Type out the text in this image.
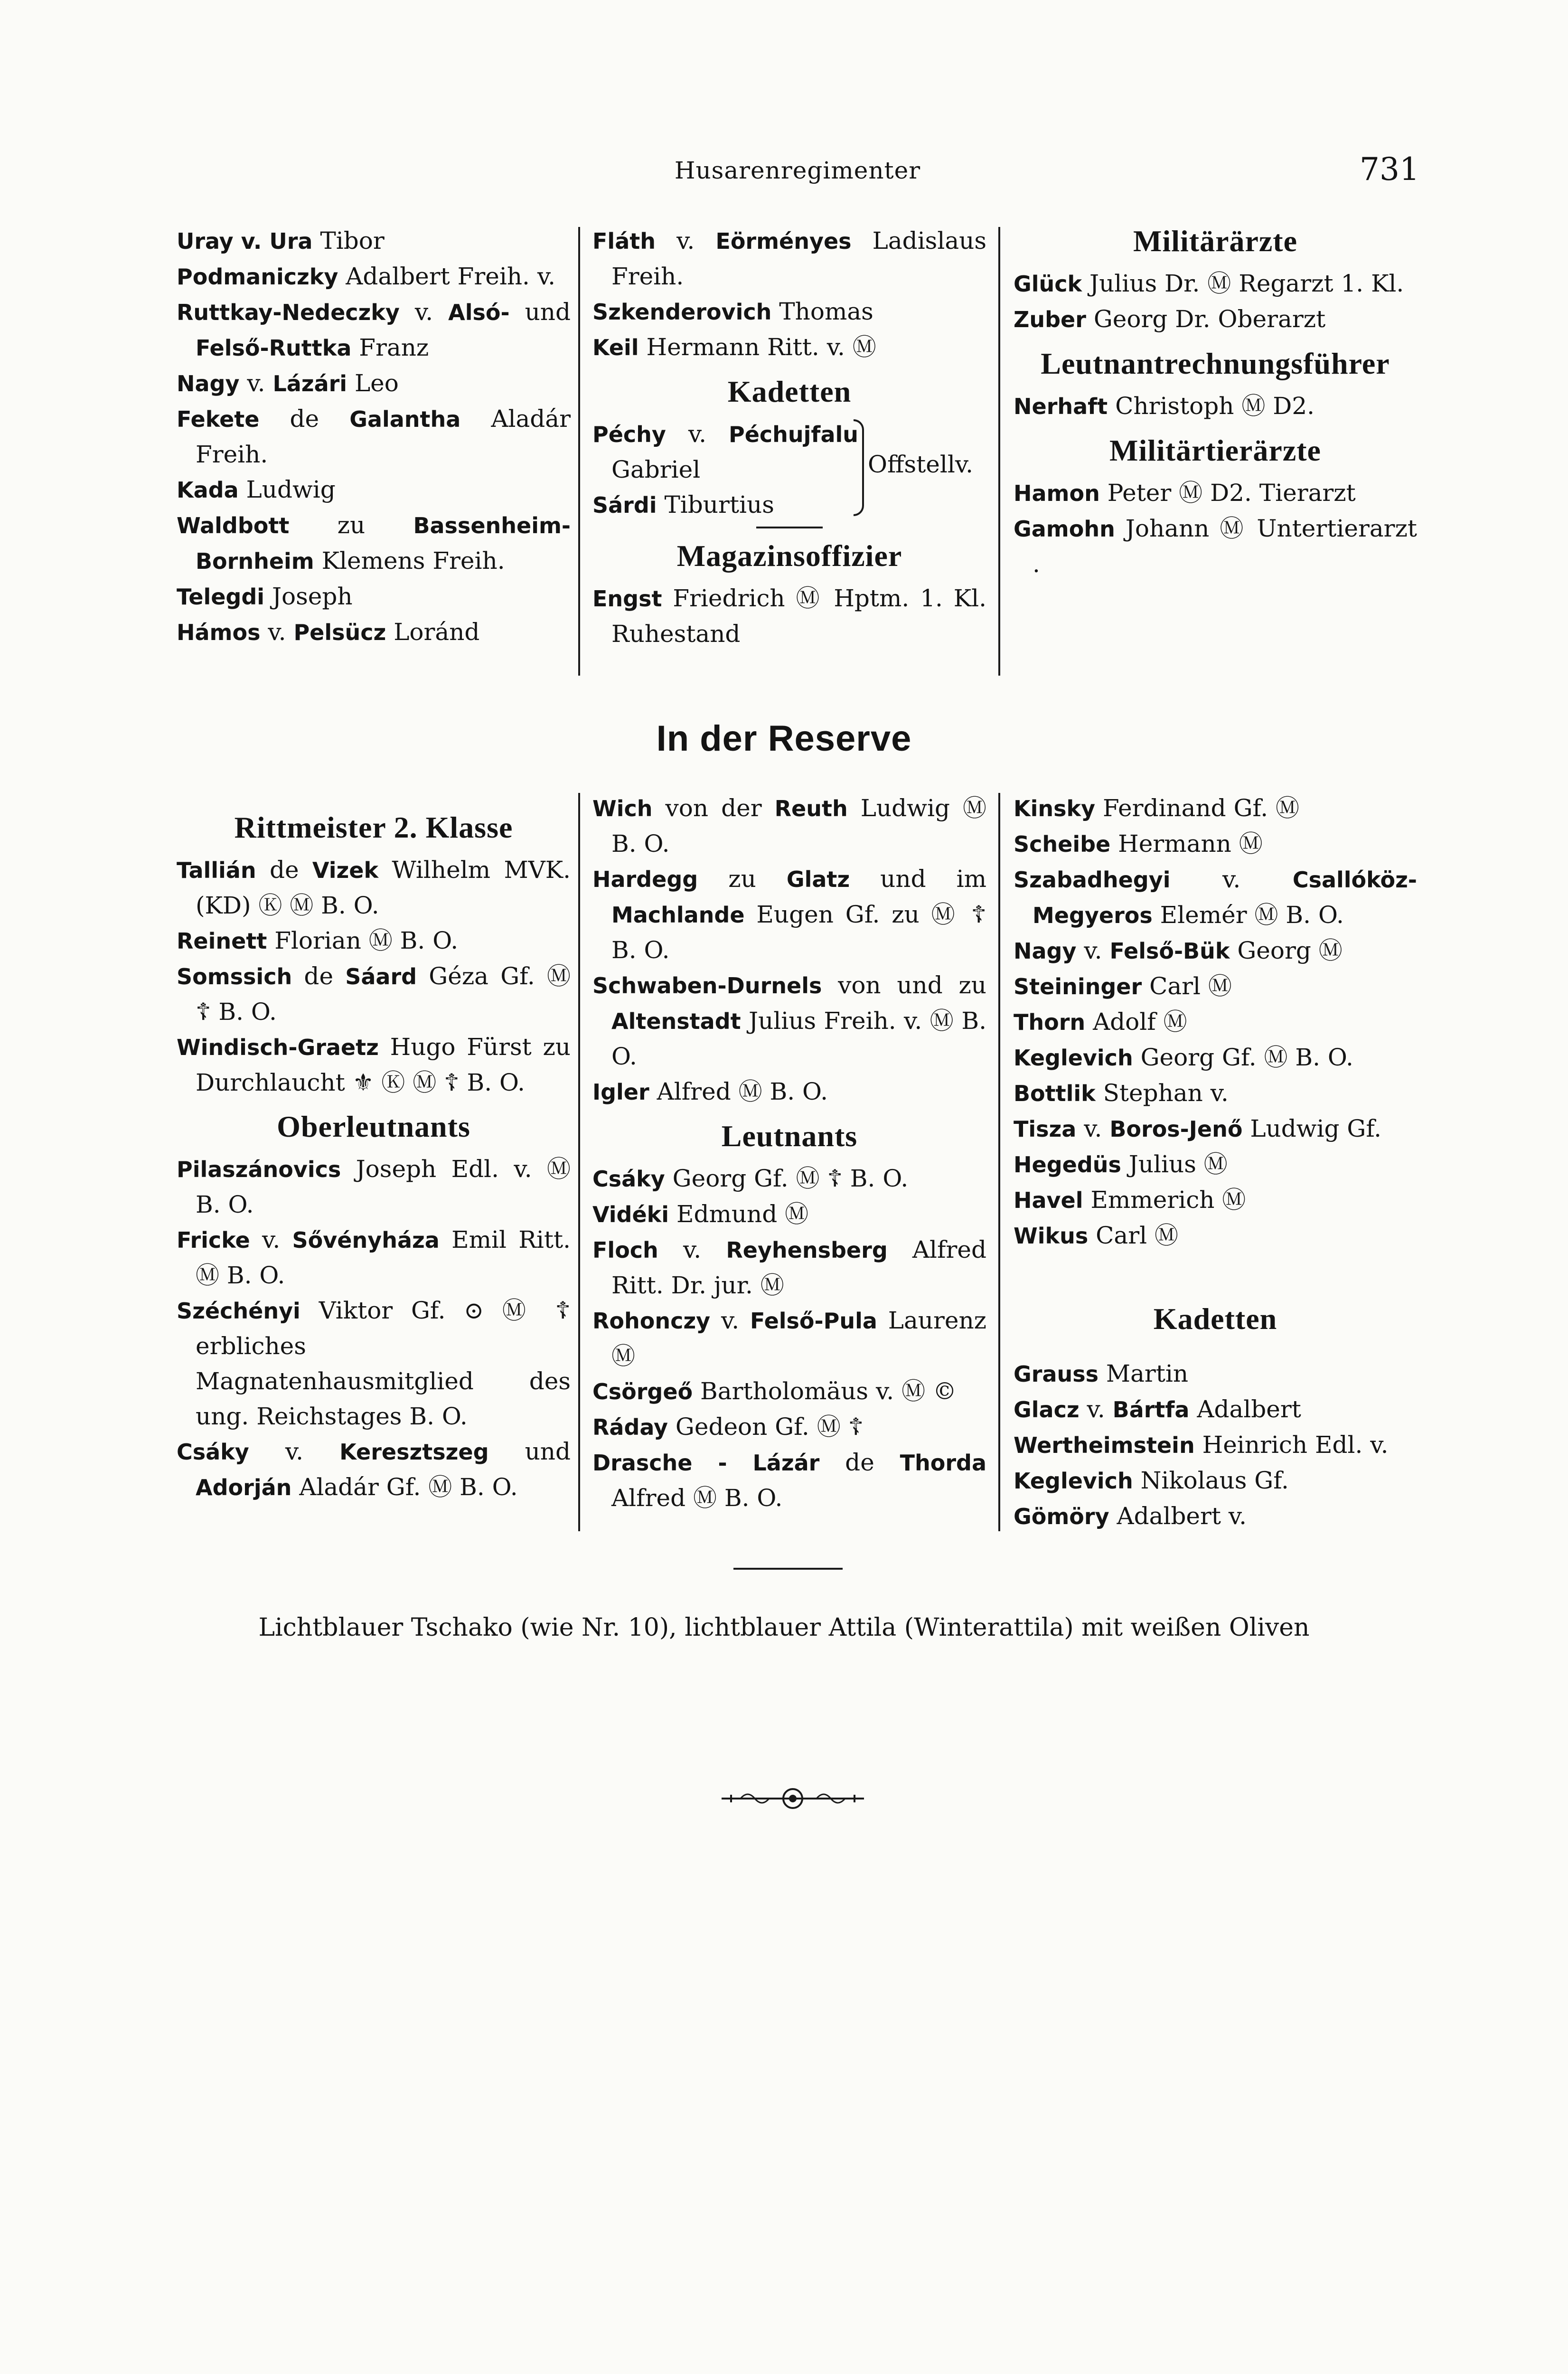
Husarenregimenter	731
Uray v. Ura Tibor
Podmaniczky Adalbert Freih. v.
Ruttkay-Nedeczky v. Alsó- und Felső-Ruttka Franz
Nagy v. Lázári Leo
Fekete de Galantha Aladár Freih.
Kada Ludwig
Waldbott zu Bassenheim-Bornheim Klemens Freih.
Telegdi Joseph
Hámos v. Pelsücz Loránd
Fláth v. Eörményes Ladislaus Freih.
Szkenderovich Thomas
Keil Hermann Ritt. v. Ⓜ
Kadetten
Péchy v. Péchujfalu Gabriel
Sárdi Tiburtius
Offstellv.
Magazinsoffizier
Engst Friedrich Ⓜ Hptm. 1. Kl. Ruhestand
Militärärzte
Glück Julius Dr. Ⓜ Regarzt 1. Kl.
Zuber Georg Dr. Oberarzt
Leutnantrechnungsführer
Nerhaft Christoph Ⓜ D2.
Militärtierärzte
Hamon Peter Ⓜ D2. Tierarzt
Gamohn Johann Ⓜ Untertierarzt .
In der Reserve
Rittmeister 2. Klasse
Tallián de Vizek Wilhelm MVK. (KD) Ⓚ Ⓜ B. O.
Reinett Florian Ⓜ B. O.
Somssich de Sáard Géza Gf. Ⓜ ☦ B. O.
Windisch-Graetz Hugo Fürst zu Durchlaucht ⚜ Ⓚ Ⓜ ☦ B. O.
Oberleutnants
Pilaszánovics Joseph Edl. v. Ⓜ B. O.
Fricke v. Sővényháza Emil Ritt. Ⓜ B. O.
Széchényi Viktor Gf. ⊙ Ⓜ ☦ erbliches Magnatenhausmitglied des ung. Reichstages B. O.
Csáky v. Keresztszeg und Adorján Aladár Gf. Ⓜ B. O.
Wich von der Reuth Ludwig Ⓜ B. O.
Hardegg zu Glatz und im Machlande Eugen Gf. zu Ⓜ ☦ B. O.
Schwaben-Durnels von und zu Altenstadt Julius Freih. v. Ⓜ B. O.
Igler Alfred Ⓜ B. O.
Leutnants
Csáky Georg Gf. Ⓜ ☦ B. O.
Vidéki Edmund Ⓜ
Floch v. Reyhensberg Alfred Ritt. Dr. jur. Ⓜ
Rohonczy v. Felső-Pula Laurenz Ⓜ
Csörgeő Bartholomäus v. Ⓜ ©
Ráday Gedeon Gf. Ⓜ ☦
Drasche - Lázár de Thorda Alfred Ⓜ B. O.
Kinsky Ferdinand Gf. Ⓜ
Scheibe Hermann Ⓜ
Szabadhegyi v. Csallóköz-Megyeros Elemér Ⓜ B. O.
Nagy v. Felső-Bük Georg Ⓜ
Steininger Carl Ⓜ
Thorn Adolf Ⓜ
Keglevich Georg Gf. Ⓜ B. O.
Bottlik Stephan v.
Tisza v. Boros-Jenő Ludwig Gf.
Hegedüs Julius Ⓜ
Havel Emmerich Ⓜ
Wikus Carl Ⓜ
Kadetten
Grauss Martin
Glacz v. Bártfa Adalbert
Wertheimstein Heinrich Edl. v.
Keglevich Nikolaus Gf.
Gömöry Adalbert v.
Lichtblauer Tschako (wie Nr. 10), lichtblauer Attila (Winterattila) mit weißen Oliven
